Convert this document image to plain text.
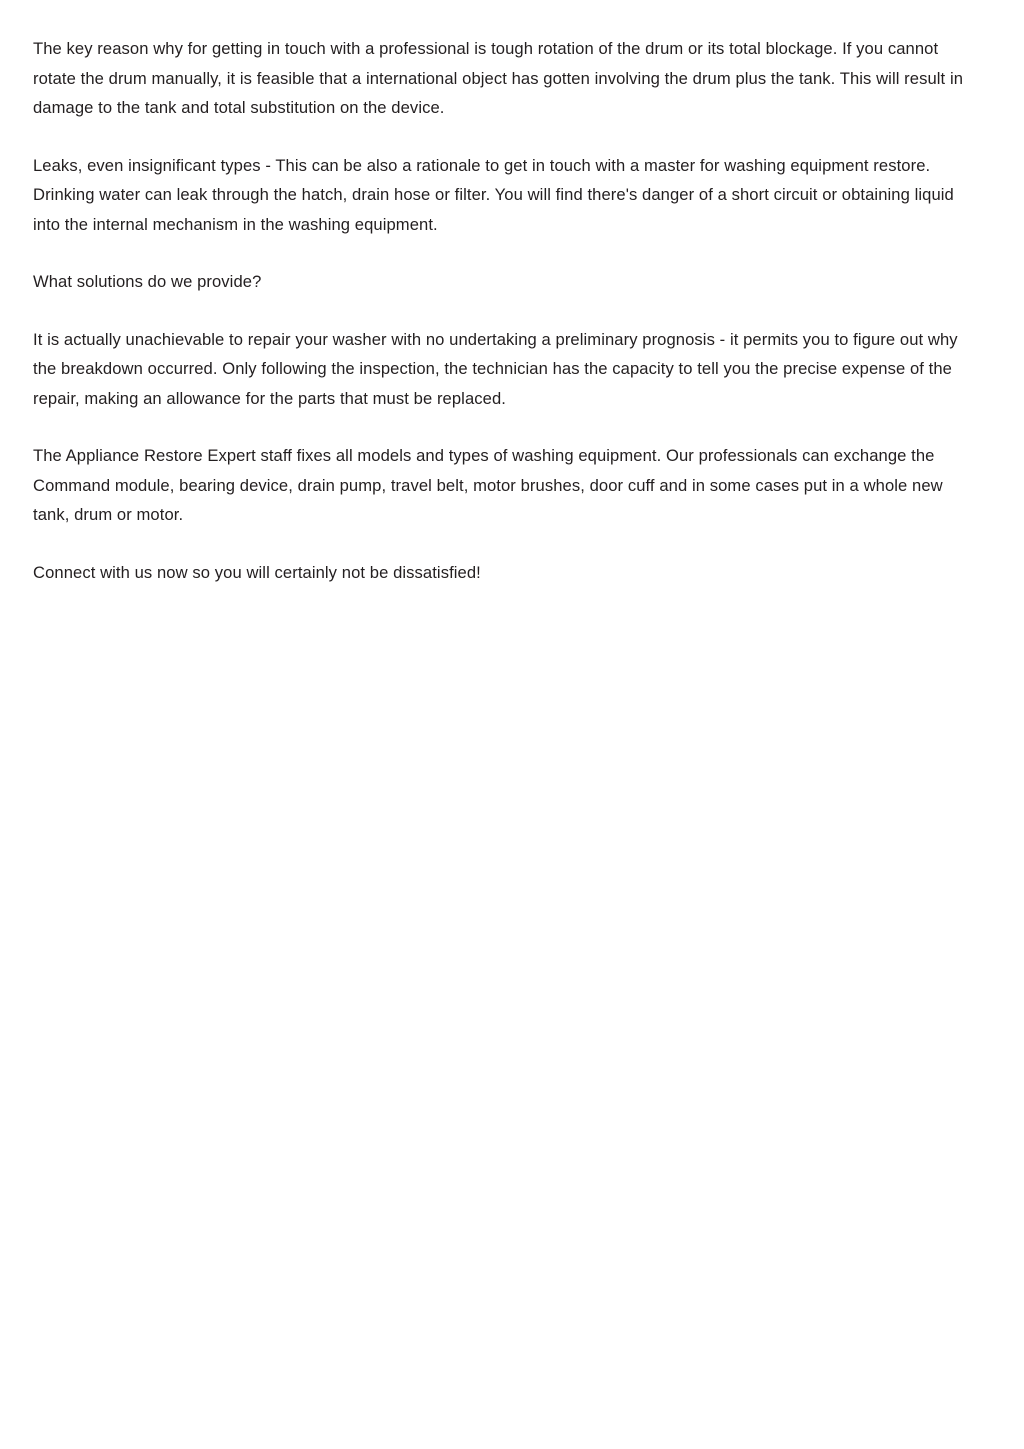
The key reason why for getting in touch with a professional is tough rotation of the drum or its total blockage. If you cannot rotate the drum manually, it is feasible that a international object has gotten involving the drum plus the tank. This will result in damage to the tank and total substitution on the device.

Leaks, even insignificant types - This can be also a rationale to get in touch with a master for washing equipment restore. Drinking water can leak through the hatch, drain hose or filter. You will find there's danger of a short circuit or obtaining liquid into the internal mechanism in the washing equipment.

What solutions do we provide?

It is actually unachievable to repair your washer with no undertaking a preliminary prognosis - it permits you to figure out why the breakdown occurred. Only following the inspection, the technician has the capacity to tell you the precise expense of the repair, making an allowance for the parts that must be replaced.

The Appliance Restore Expert staff fixes all models and types of washing equipment. Our professionals can exchange the Command module, bearing device, drain pump, travel belt, motor brushes, door cuff and in some cases put in a whole new tank, drum or motor.

Connect with us now so you will certainly not be dissatisfied!
